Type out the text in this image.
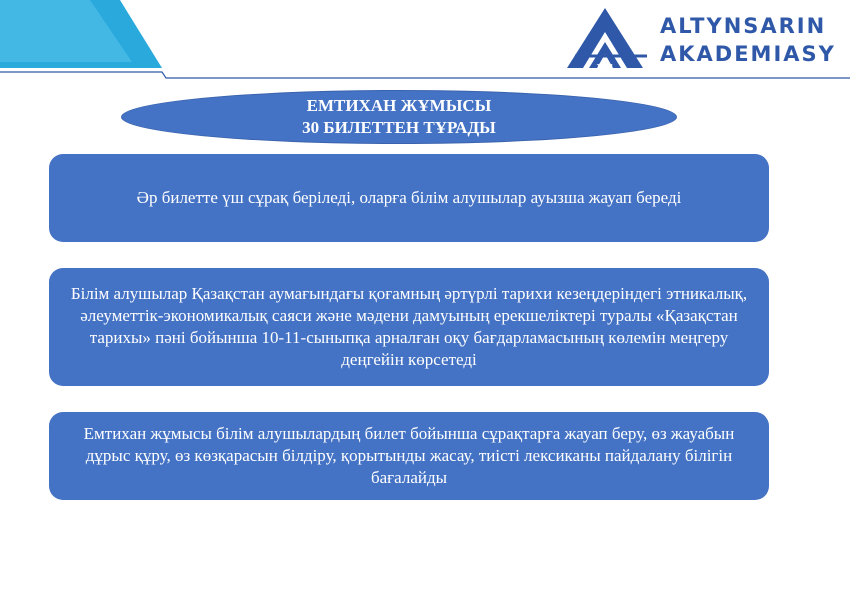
1921
ALTYNSARIN
AKADEMIASY
ЕМТИХАН ЖҰМЫСЫ
30 БИЛЕТТЕН ТҰРАДЫ
Әр билетте үш сұрақ беріледі, оларға білім алушылар ауызша жауап береді
Білім алушылар Қазақстан аумағындағы қоғамның әртүрлі тарихи кезеңдеріндегі этникалық, әлеуметтік-экономикалық саяси және мәдени дамуының ерекшеліктері туралы «Қазақстан тарихы» пәні бойынша 10-11-сыныпқа арналған оқу бағдарламасының көлемін меңгеру деңгейін көрсетеді
Емтихан жұмысы білім алушылардың билет бойынша сұрақтарға жауап беру, өз жауабын дұрыс құру, өз көзқарасын білдіру, қорытынды жасау, тиісті лексиканы пайдалану білігін бағалайды
